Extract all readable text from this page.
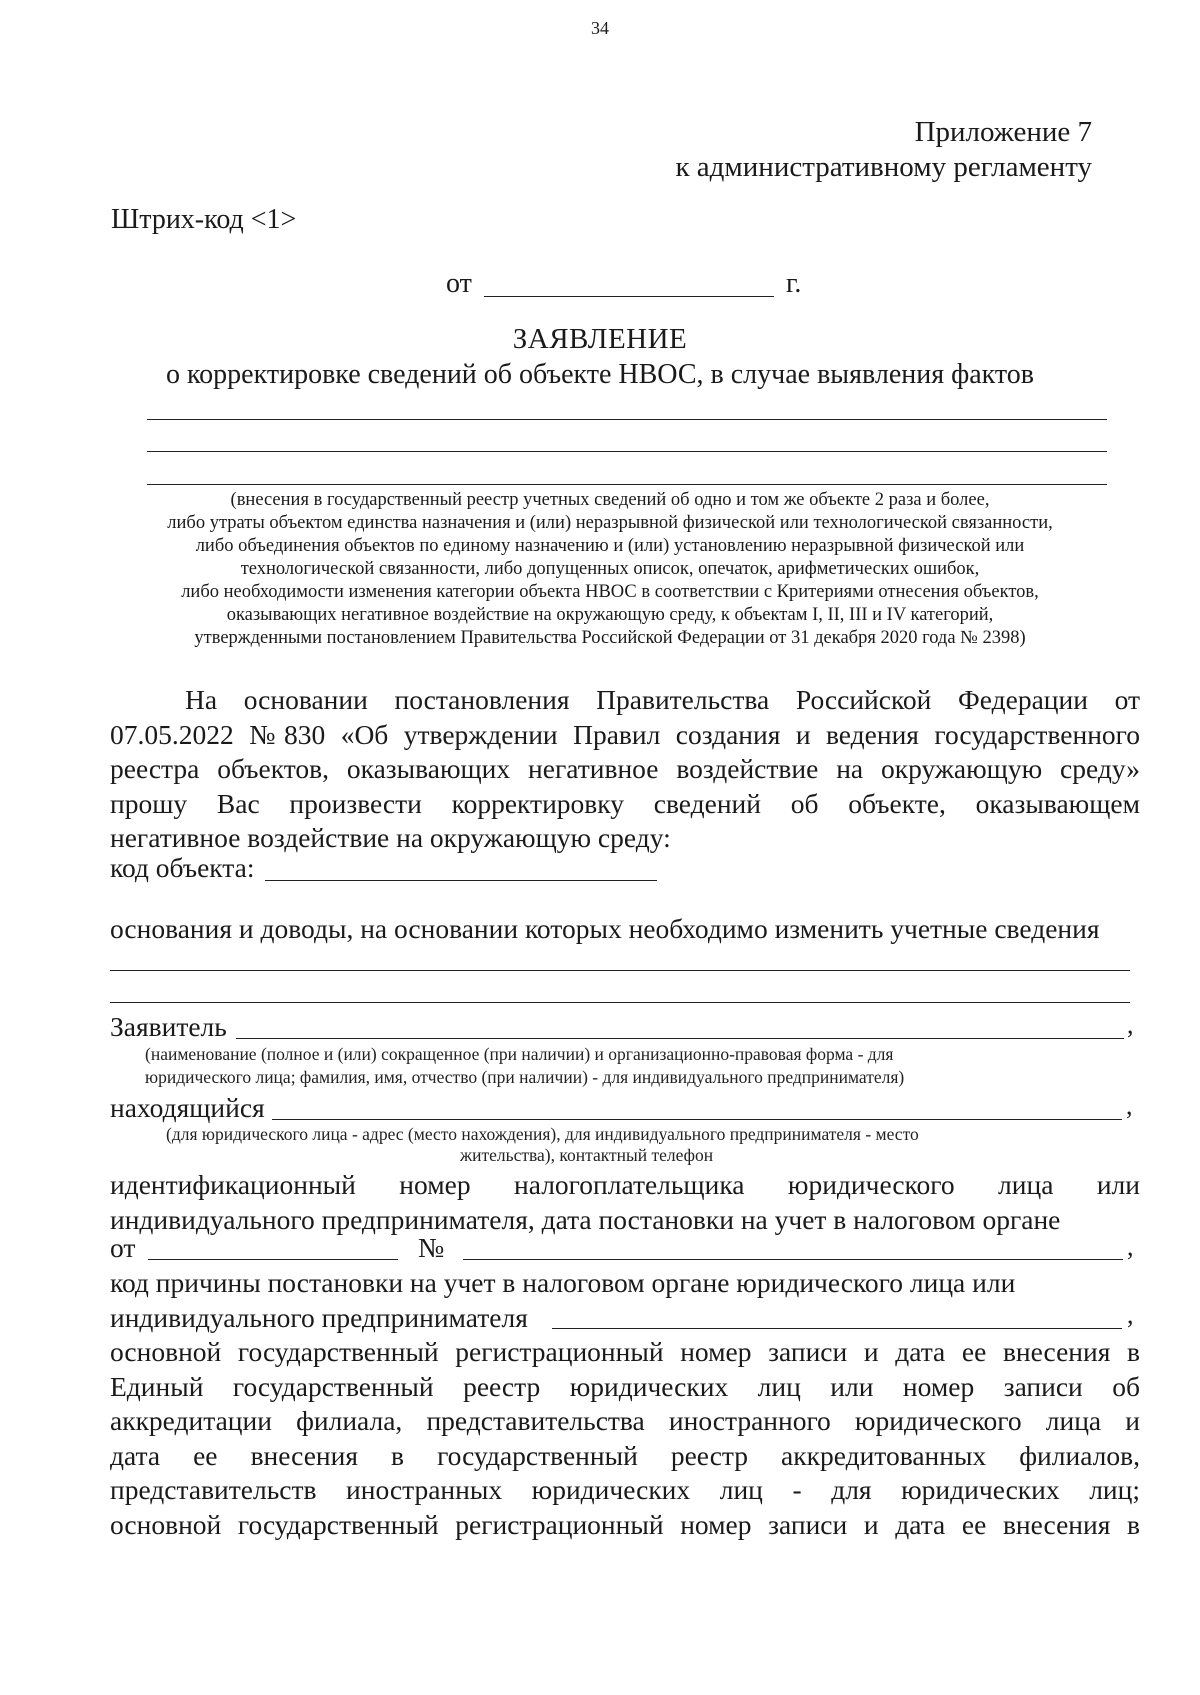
34
Приложение 7
к административному регламенту
Штрих-код <1>
от	г.
ЗАЯВЛЕНИЕ
о корректировке сведений об объекте НВОС, в случае выявления фактов
(внесения в государственный реестр учетных сведений об одно и том же объекте 2 раза и более,
либо утраты объектом единства назначения и (или) неразрывной физической или технологической связанности,
либо объединения объектов по единому назначению и (или) установлению неразрывной физической или
технологической связанности, либо допущенных описок, опечаток, арифметических ошибок,
либо необходимости изменения категории объекта НВОС в соответствии с Критериями отнесения объектов,
оказывающих негативное воздействие на окружающую среду, к объектам I, II, III и IV категорий,
утвержденными постановлением Правительства Российской Федерации от 31 декабря 2020 года № 2398)
На основании постановления Правительства Российской Федерации от
07.05.2022 №830 «Об утверждении Правил создания и ведения государственного
реестра объектов, оказывающих негативное воздействие на окружающую среду»
прошу Вас произвести корректировку сведений об объекте, оказывающем
негативное воздействие на окружающую среду:
код объекта:
основания и доводы, на основании которых необходимо изменить учетные сведения
Заявитель	,
(наименование (полное и (или) сокращенное (при наличии) и организационно-правовая форма - для
юридического лица; фамилия, имя, отчество (при наличии) - для индивидуального предпринимателя)
находящийся	,
(для юридического лица - адрес (место нахождения), для индивидуального предпринимателя - место
жительства), контактный телефон
идентификационный номер налогоплательщика юридического лица или
индивидуального предпринимателя, дата постановки на учет в налоговом органе
от	№	,
код причины постановки на учет в налоговом органе юридического лица или
индивидуального предпринимателя	,
основной государственный регистрационный номер записи и дата ее внесения в
Единый государственный реестр юридических лиц или номер записи об
аккредитации филиала, представительства иностранного юридического лица и
дата ее внесения в государственный реестр аккредитованных филиалов,
представительств иностранных юридических лиц - для юридических лиц;
основной государственный регистрационный номер записи и дата ее внесения в
